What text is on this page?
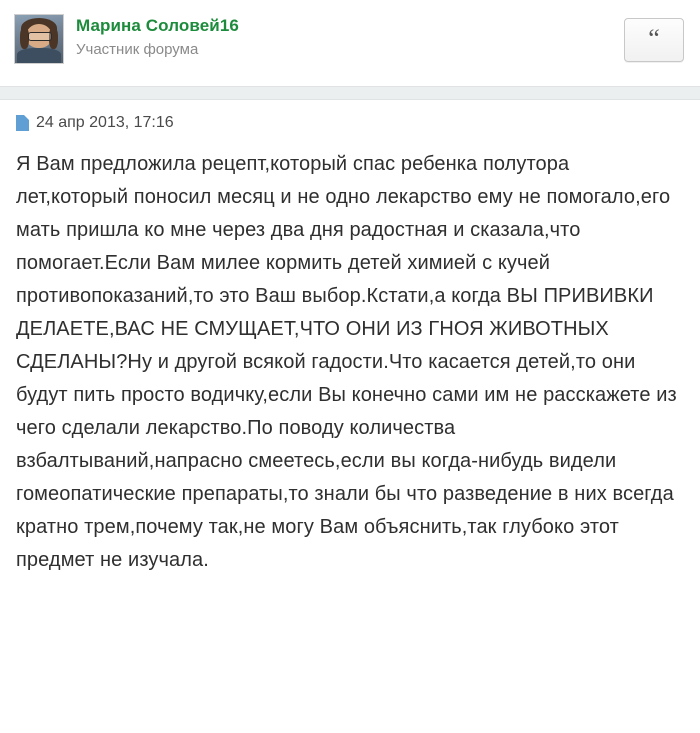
Марина Соловей16
Участник форума	“
24 апр 2013, 17:16

Я Вам предложила рецепт,который спас ребенка полутора лет,который поносил месяц и не одно лекарство ему не помогало,его мать пришла ко мне через два дня радостная и сказала,что помогает.Если Вам милее кормить детей химией с кучей противопоказаний,то это Ваш выбор.Кстати,а когда ВЫ ПРИВИВКИ ДЕЛАЕТЕ,ВАС НЕ СМУЩАЕТ,ЧТО ОНИ ИЗ ГНОЯ ЖИВОТНЫХ СДЕЛАНЫ?Ну и другой всякой гадости.Что касается детей,то они будут пить просто водичку,если Вы конечно сами им не расскажете из чего сделали лекарство.По поводу количества взбалтываний,напрасно смеетесь,если вы когда-нибудь видели гомеопатические препараты,то знали бы что разведение в них всегда кратно трем,почему так,не могу Вам объяснить,так глубоко этот предмет не изучала.
